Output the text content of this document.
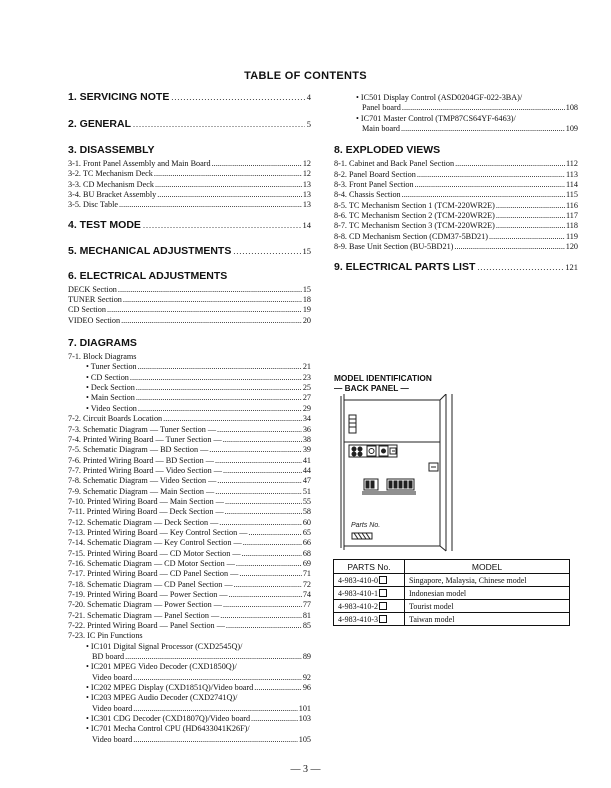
TABLE OF CONTENTS
1. SERVICING NOTE .....	4
2. GENERAL .....	5
3. DISASSEMBLY
3-1. Front Panel Assembly and Main Board .....	12
3-2. TC Mechanism Deck .....	12
3-3. CD Mechanism Deck .....	13
3-4. BU Bracket Assembly .....	13
3-5. Disc Table .....	13
4. TEST MODE .....	14
5. MECHANICAL ADJUSTMENTS .....	15
6. ELECTRICAL ADJUSTMENTS
DECK Section .....	15
TUNER Section .....	18
CD Section .....	19
VIDEO Section .....	20
7. DIAGRAMS
7-1. Block Diagrams
• Tuner Section .....	21
• CD Section .....	23
• Deck Section .....	25
• Main Section .....	27
• Video Section .....	29
7-2. Circuit Boards Location .....	34
7-3. Schematic Diagram — Tuner Section — .....	36
7-4. Printed Wiring Board — Tuner Section — .....	38
7-5. Schematic Diagram — BD Section — .....	39
7-6. Printed Wiring Board — BD Section — .....	41
7-7. Printed Wiring Board — Video Section — .....	44
7-8. Schematic Diagram — Video Section — .....	47
7-9. Schematic Diagram — Main Section — .....	51
7-10. Printed Wiring Board — Main Section — .....	55
7-11. Printed Wiring Board — Deck Section — .....	58
7-12. Schematic Diagram — Deck Section — .....	60
7-13. Printed Wiring Board — Key Control Section — .....	65
7-14. Schematic Diagram — Key Control Section — .....	66
7-15. Printed Wiring Board — CD Motor Section — .....	68
7-16. Schematic Diagram — CD Motor Section — .....	69
7-17. Printed Wiring Board — CD Panel Section — .....	71
7-18. Schematic Diagram — CD Panel Section — .....	72
7-19. Printed Wiring Board — Power Section — .....	74
7-20. Schematic Diagram — Power Section — .....	77
7-21. Schematic Diagram — Panel Section — .....	81
7-22. Printed Wiring Board — Panel Section — .....	85
7-23. IC Pin Functions
• IC101 Digital Signal Processor (CXD2545Q)/
BD board .....	89
• IC201 MPEG Video Decoder (CXD1850Q)/
Video board .....	92
• IC202 MPEG Display (CXD1851Q)/Video board .....	96
• IC203 MPEG Audio Decoder (CXD2741Q)/
Video board .....	101
• IC301 CDG Decoder (CXD1807Q)/Video board .....	103
• IC701 Mecha Control CPU (HD6433041K26F)/
Video board .....	105
• IC501 Display Control (ASD0204GF-022-3BA)/
Panel board .....	108
• IC701 Master Control (TMP87CS64YF-6463)/
Main board .....	109
8. EXPLODED VIEWS
8-1. Cabinet and Back Panel Section .....	112
8-2. Panel Board Section .....	113
8-3. Front Panel Section .....	114
8-4. Chassis Section .....	115
8-5. TC Mechanism Section 1 (TCM-220WR2E) .....	116
8-6. TC Mechanism Section 2 (TCM-220WR2E) .....	117
8-7. TC Mechanism Section 3 (TCM-220WR2E) .....	118
8-8. CD Mechanism Section (CDM37-5BD21) .....	119
8-9. Base Unit Section (BU-5BD21) .....	120
9. ELECTRICAL PARTS LIST .....	121
MODEL IDENTIFICATION
— BACK PANEL —
Parts No.
PARTS No.	MODEL
4-983-410-0	Singapore, Malaysia, Chinese model
4-983-410-1	Indonesian model
4-983-410-2	Tourist model
4-983-410-3	Taiwan model
— 3 —
